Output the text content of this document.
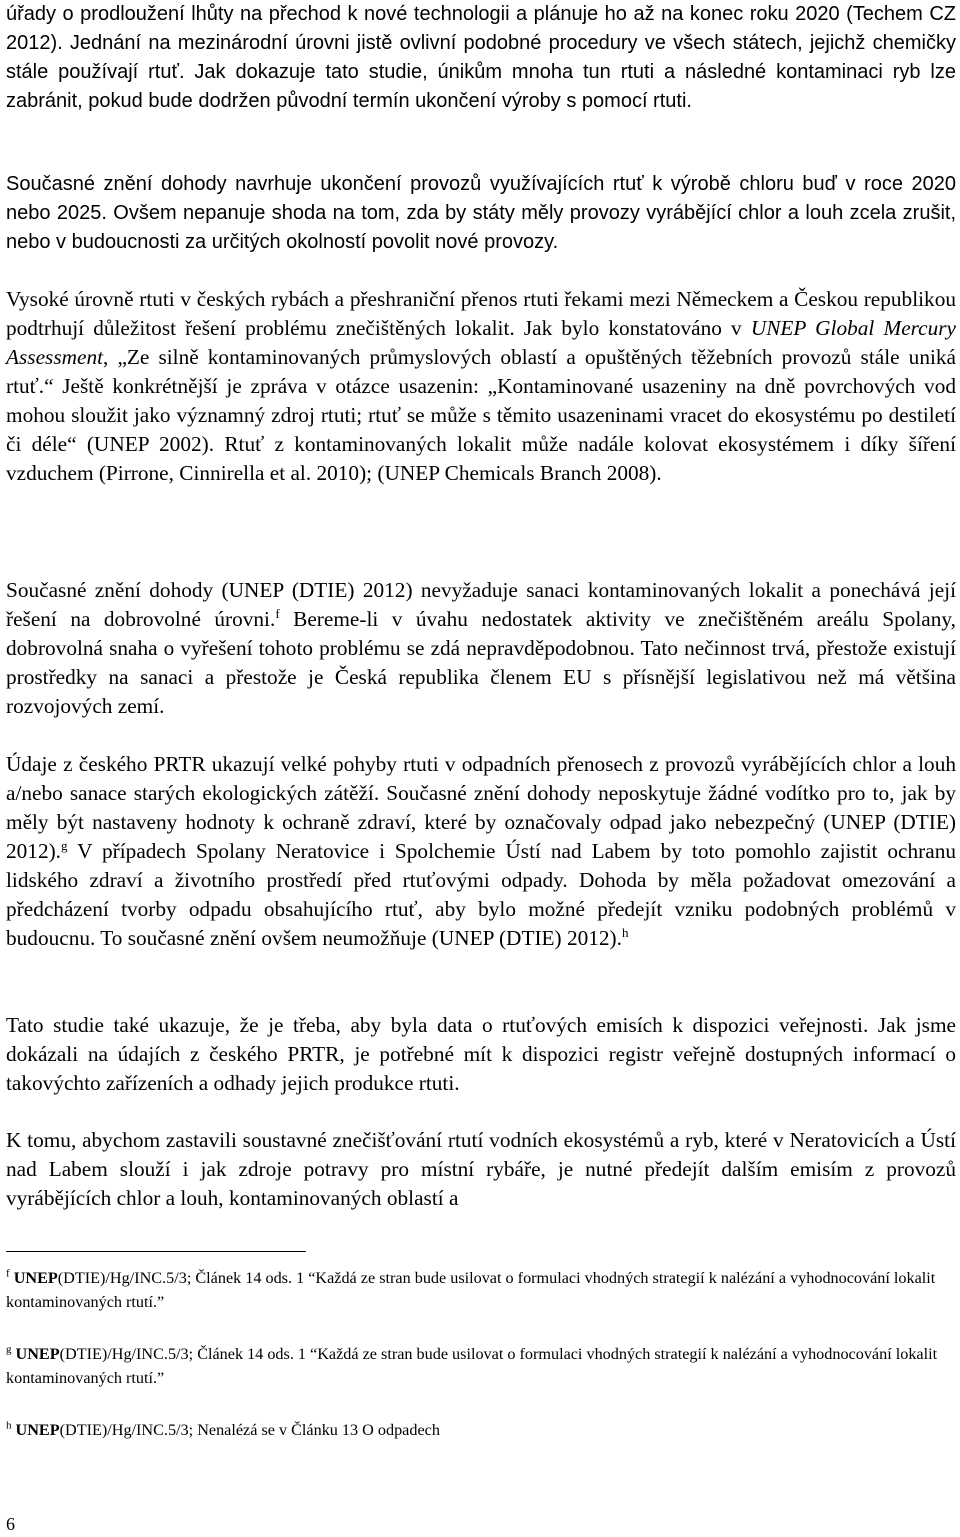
úřady o prodloužení lhůty na přechod k nové technologii a plánuje ho až na konec roku 2020 (Techem CZ 2012). Jednání na mezinárodní úrovni jistě ovlivní podobné procedury ve všech státech, jejichž chemičky stále používají rtuť. Jak dokazuje tato studie, únikům mnoha tun rtuti a následné kontaminaci ryb lze zabránit, pokud bude dodržen původní termín ukončení výroby s pomocí rtuti.

Současné znění dohody navrhuje ukončení provozů využívajících rtuť k výrobě chloru buď v roce 2020 nebo 2025. Ovšem nepanuje shoda na tom, zda by státy měly provozy vyrábějící chlor a louh zcela zrušit, nebo v budoucnosti za určitých okolností povolit nové provozy.

Vysoké úrovně rtuti v českých rybách a přeshraniční přenos rtuti řekami mezi Německem a Českou republikou podtrhují důležitost řešení problému znečištěných lokalit. Jak bylo konstatováno v UNEP Global Mercury Assessment, „Ze silně kontaminovaných průmyslových oblastí a opuštěných těžebních provozů stále uniká rtuť.“ Ještě konkrétnější je zpráva v otázce usazenin: „Kontaminované usazeniny na dně povrchových vod mohou sloužit jako významný zdroj rtuti; rtuť se může s těmito usazeninami vracet do ekosystému po destiletí či déle“ (UNEP 2002). Rtuť z kontaminovaných lokalit může nadále kolovat ekosystémem i díky šíření vzduchem (Pirrone, Cinnirella et al. 2010); (UNEP Chemicals Branch 2008).

Současné znění dohody (UNEP (DTIE) 2012) nevyžaduje sanaci kontaminovaných lokalit a ponechává její řešení na dobrovolné úrovni.$^f$ Bereme-li v úvahu nedostatek aktivity ve znečištěném areálu Spolany, dobrovolná snaha o vyřešení tohoto problému se zdá nepravděpodobnou. Tato nečinnost trvá, přestože existují prostředky na sanaci a přestože je Česká republika členem EU s přísnější legislativou než má většina rozvojových zemí.

Údaje z českého PRTR ukazují velké pohyby rtuti v odpadních přenosech z provozů vyrábějících chlor a louh a/nebo sanace starých ekologických zátěží. Současné znění dohody neposkytuje žádné vodítko pro to, jak by měly být nastaveny hodnoty k ochraně zdraví, které by označovaly odpad jako nebezpečný (UNEP (DTIE) 2012).$^g$ V případech Spolany Neratovice i Spolchemie Ústí nad Labem by toto pomohlo zajistit ochranu lidského zdraví a životního prostředí před rtuťovými odpady. Dohoda by měla požadovat omezování a předcházení tvorby odpadu obsahujícího rtuť, aby bylo možné předejít vzniku podobných problémů v budoucnu. To současné znění ovšem neumožňuje (UNEP (DTIE) 2012).$^h$

Tato studie také ukazuje, že je třeba, aby byla data o rtuťových emisích k dispozici veřejnosti. Jak jsme dokázali na údajích z českého PRTR, je potřebné mít k dispozici registr veřejně dostupných informací o takovýchto zařízeních a odhady jejich produkce rtuti.

K tomu, abychom zastavili soustavné znečišťování rtutí vodních ekosystémů a ryb, které v Neratovicích a Ústí nad Labem slouží i jak zdroje potravy pro místní rybáře, je nutné předejít dalším emisím z provozů vyrábějících chlor a louh, kontaminovaných oblastí a

$^f$ UNEP(DTIE)/Hg/INC.5/3; Článek 14 ods. 1 “Každá ze stran bude usilovat o formulaci vhodných strategií k nalézání a vyhodnocování lokalit kontaminovaných rtutí.”
$^g$ UNEP(DTIE)/Hg/INC.5/3; Článek 14 ods. 1 “Každá ze stran bude usilovat o formulaci vhodných strategií k nalézání a vyhodnocování lokalit kontaminovaných rtutí.”
$^h$ UNEP(DTIE)/Hg/INC.5/3; Nenalézá se v Článku 13 O odpadech
6
